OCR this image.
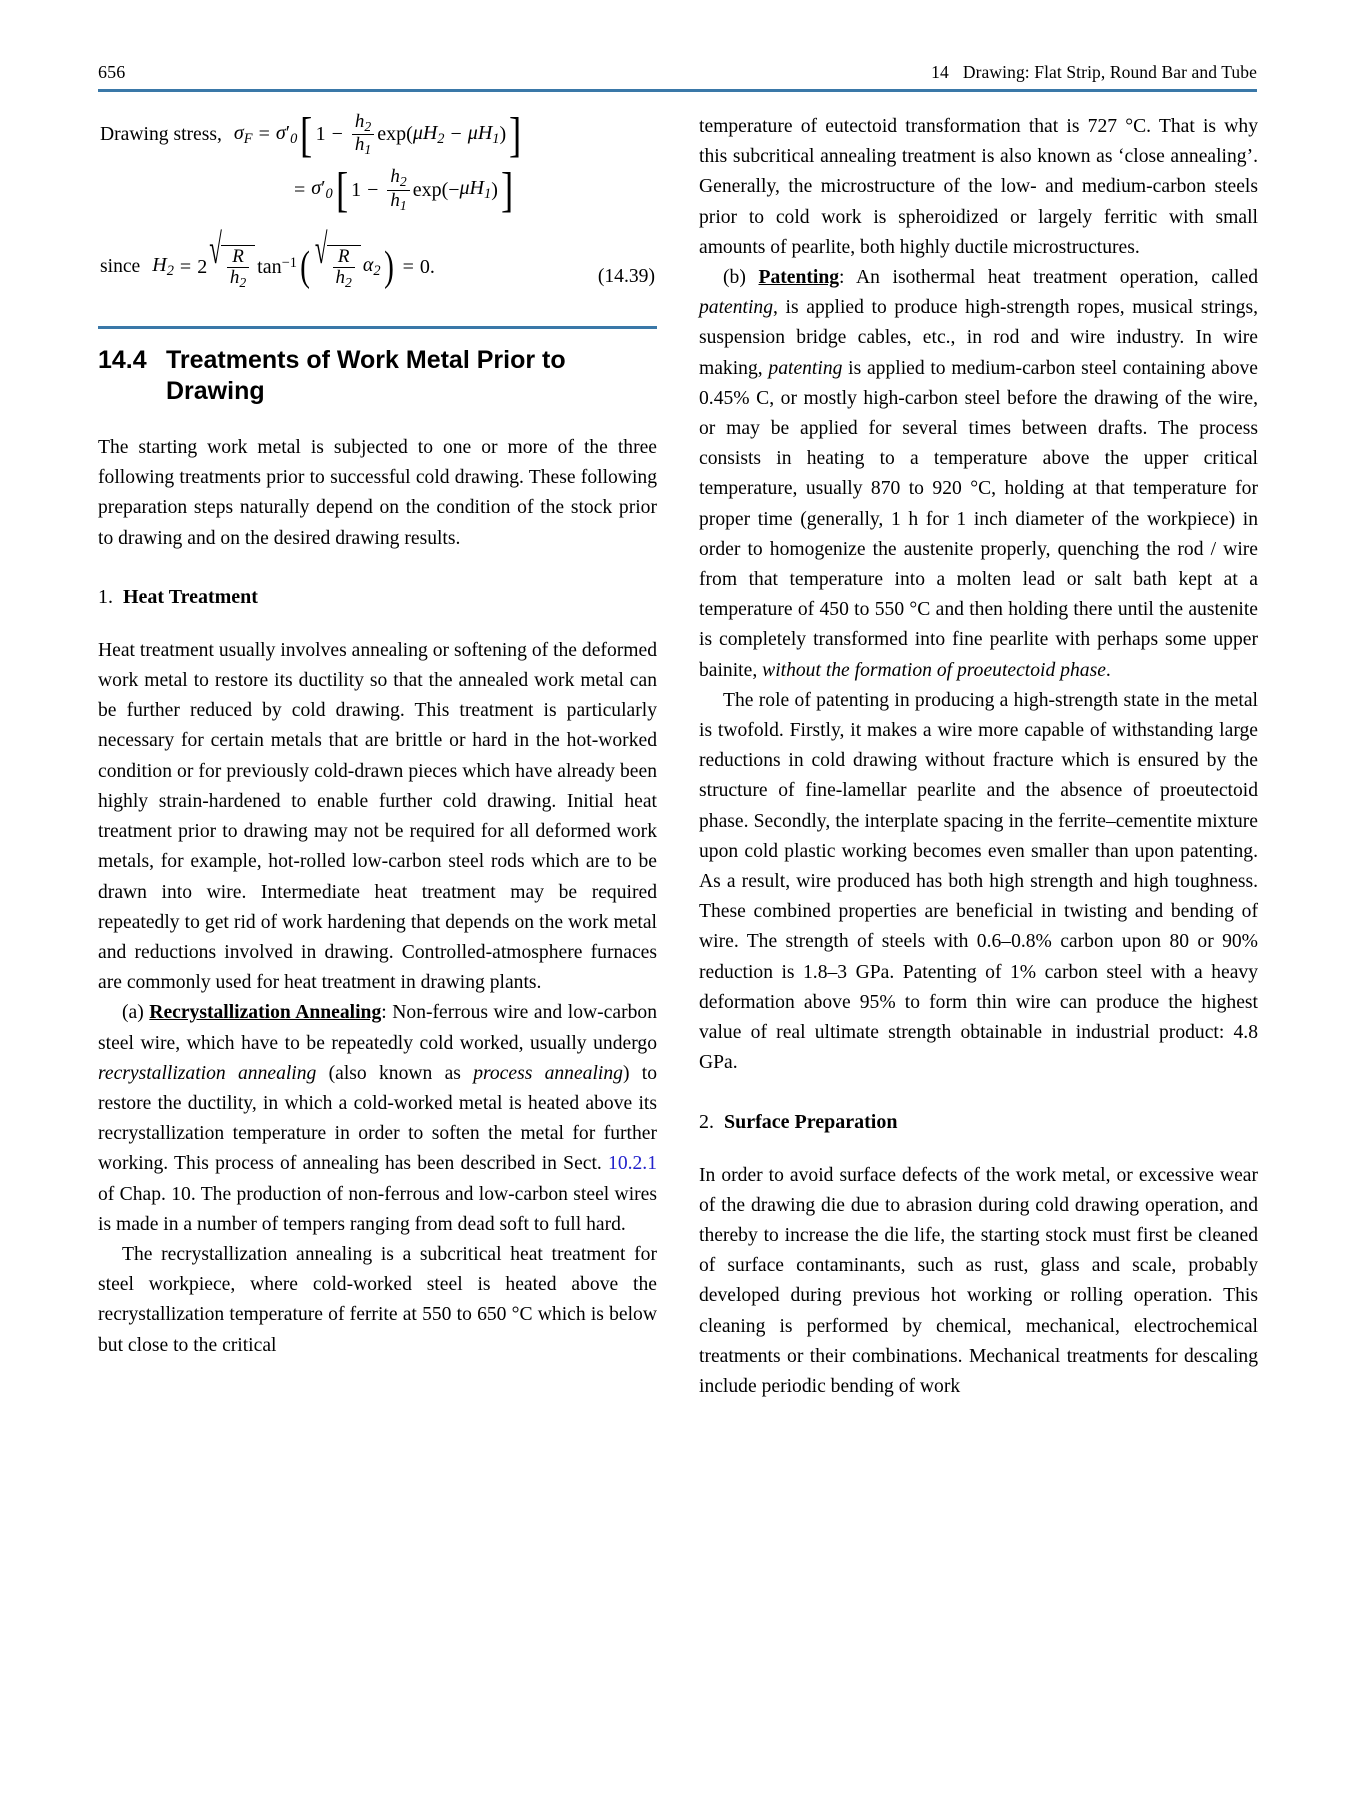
656	14 Drawing: Flat Strip, Round Bar and Tube
Drawing stress, $\sigma_F = \sigma'_0$ [ $1 - \frac{h_2}{h_1} \exp$( $\mu H_2 - \mu H_1$ ) ]
= $\sigma'_0$ [ $1 - \frac{h_2}{h_1} \exp(- \mu H_1$ ) ]
(14.39)
since $H_2 = 2$ √ $\frac{R}{h_2} \tan^{-1}$ ( √ $\frac{R}{h_2} \alpha_2$ ) = 0.
14.4 Treatments of Work Metal Prior to Drawing

The starting work metal is subjected to one or more of the three following treatments prior to successful cold drawing. These following preparation steps naturally depend on the condition of the stock prior to drawing and on the desired drawing results.

1. Heat Treatment

Heat treatment usually involves annealing or softening of the deformed work metal to restore its ductility so that the annealed work metal can be further reduced by cold drawing. This treatment is particularly necessary for certain metals that are brittle or hard in the hot-worked condition or for previously cold-drawn pieces which have already been highly strain-hardened to enable further cold drawing. Initial heat treatment prior to drawing may not be required for all deformed work metals, for example, hot-rolled low-carbon steel rods which are to be drawn into wire. Intermediate heat treatment may be required repeatedly to get rid of work hardening that depends on the work metal and reductions involved in drawing. Controlled-atmosphere furnaces are commonly used for heat treatment in drawing plants.

(a) Recrystallization Annealing: Non-ferrous wire and low-carbon steel wire, which have to be repeatedly cold worked, usually undergo recrystallization annealing (also known as process annealing) to restore the ductility, in which a cold-worked metal is heated above its recrystallization temperature in order to soften the metal for further working. This process of annealing has been described in Sect. 10.2.1 of Chap. 10. The production of non-ferrous and low-carbon steel wires is made in a number of tempers ranging from dead soft to full hard.

The recrystallization annealing is a subcritical heat treatment for steel workpiece, where cold-worked steel is heated above the recrystallization temperature of ferrite at 550 to 650 °C which is below but close to the critical

temperature of eutectoid transformation that is 727 °C. That is why this subcritical annealing treatment is also known as ‘close annealing’. Generally, the microstructure of the low- and medium-carbon steels prior to cold work is spheroidized or largely ferritic with small amounts of pearlite, both highly ductile microstructures.

(b) Patenting: An isothermal heat treatment operation, called patenting, is applied to produce high-strength ropes, musical strings, suspension bridge cables, etc., in rod and wire industry. In wire making, patenting is applied to medium-carbon steel containing above 0.45% C, or mostly high-carbon steel before the drawing of the wire, or may be applied for several times between drafts. The process consists in heating to a temperature above the upper critical temperature, usually 870 to 920 °C, holding at that temperature for proper time (generally, 1 h for 1 inch diameter of the workpiece) in order to homogenize the austenite properly, quenching the rod / wire from that temperature into a molten lead or salt bath kept at a temperature of 450 to 550 °C and then holding there until the austenite is completely transformed into fine pearlite with perhaps some upper bainite, without the formation of proeutectoid phase.

The role of patenting in producing a high-strength state in the metal is twofold. Firstly, it makes a wire more capable of withstanding large reductions in cold drawing without fracture which is ensured by the structure of fine-lamellar pearlite and the absence of proeutectoid phase. Secondly, the interplate spacing in the ferrite–cementite mixture upon cold plastic working becomes even smaller than upon patenting. As a result, wire produced has both high strength and high toughness. These combined properties are beneficial in twisting and bending of wire. The strength of steels with 0.6–0.8% carbon upon 80 or 90% reduction is 1.8–3 GPa. Patenting of 1% carbon steel with a heavy deformation above 95% to form thin wire can produce the highest value of real ultimate strength obtainable in industrial product: 4.8 GPa.

2. Surface Preparation

In order to avoid surface defects of the work metal, or excessive wear of the drawing die due to abrasion during cold drawing operation, and thereby to increase the die life, the starting stock must first be cleaned of surface contaminants, such as rust, glass and scale, probably developed during previous hot working or rolling operation. This cleaning is performed by chemical, mechanical, electrochemical treatments or their combinations. Mechanical treatments for descaling include periodic bending of work
